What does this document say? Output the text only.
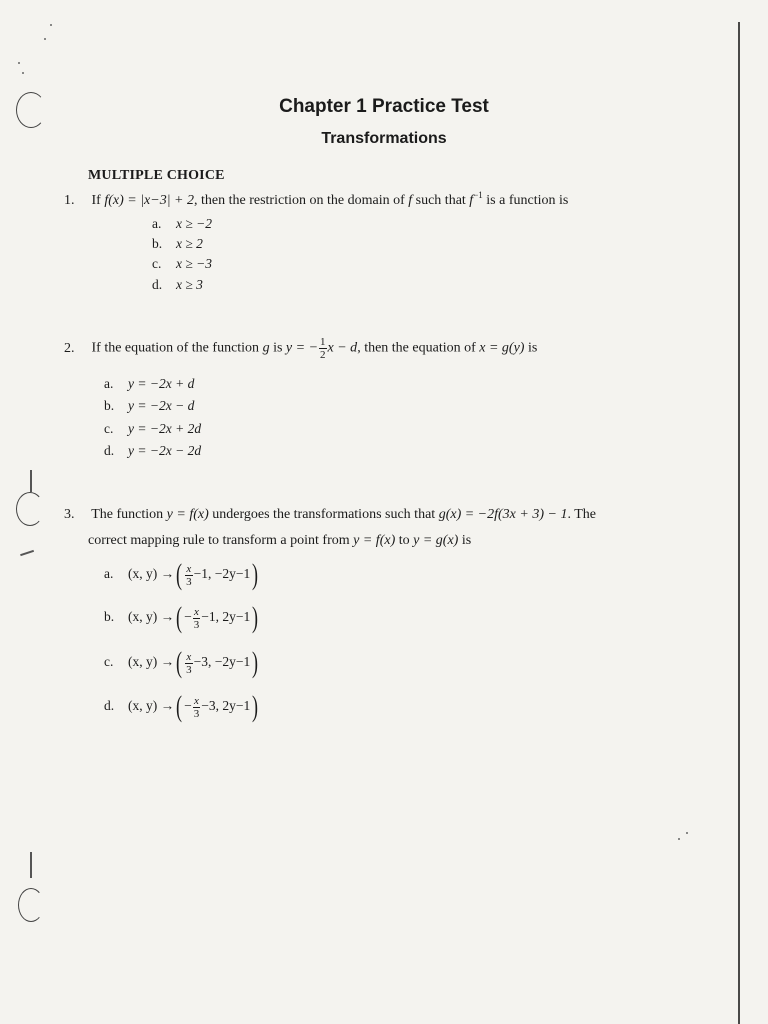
Chapter 1 Practice Test
Transformations
MULTIPLE CHOICE
1. If f(x) = |x−3| + 2, then the restriction on the domain of f such that $f^{-1}$ is a function is
a. x ≥ −2
b. x ≥ 2
c. x ≥ −3
d. x ≥ 3
2. If the equation of the function g is y = − $\frac{1}{2}$ x − d, then the equation of x = g(y) is
a. y = −2x + d
b. y = −2x − d
c. y = −2x + 2d
d. y = −2x − 2d
3. The function y = f(x) undergoes the transformations such that g(x) = −2f(3x + 3) − 1. The
correct mapping rule to transform a point from y = f(x) to y = g(x) is
a. (x, y) →( $\frac{x}{3} -1$, −2y−1)
b. (x, y) →( − $\frac{x}{3} -1$, 2y−1)
c. (x, y) →( $\frac{x}{3} -3$, −2y−1)
d. (x, y) →( − $\frac{x}{3} -3$, 2y−1)
